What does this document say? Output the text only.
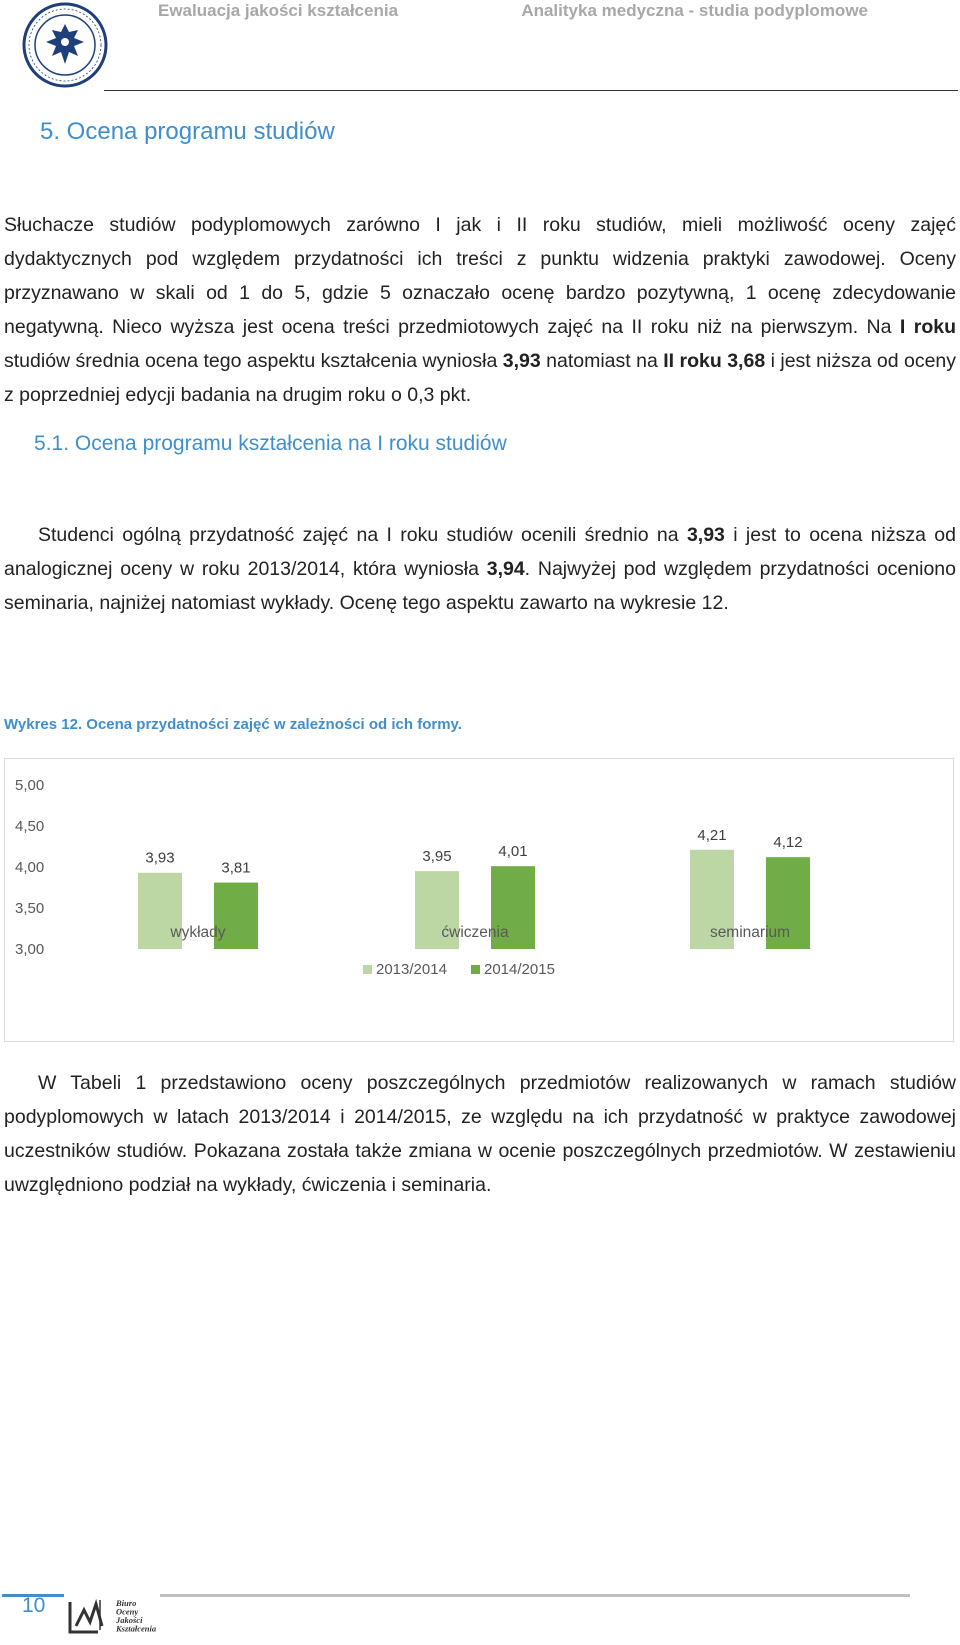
Ewaluacja jakości kształcenia	Analityka medyczna - studia podyplomowe
5. Ocena programu studiów

Słuchacze studiów podyplomowych zarówno I jak i II roku studiów, mieli możliwość oceny zajęć dydaktycznych pod względem przydatności ich treści z punktu widzenia praktyki zawodowej. Oceny przyznawano w skali od 1 do 5, gdzie 5 oznaczało ocenę bardzo pozytywną, 1 ocenę zdecydowanie negatywną. Nieco wyższa jest ocena treści przedmiotowych zajęć na II roku niż na pierwszym. Na I roku studiów średnia ocena tego aspektu kształcenia wyniosła 3,93 natomiast na II roku 3,68 i jest niższa od oceny z poprzedniej edycji badania na drugim roku o 0,3 pkt.

5.1. Ocena programu kształcenia na I roku studiów

Studenci ogólną przydatność zajęć na I roku studiów ocenili średnio na 3,93 i jest to ocena niższa od analogicznej oceny w roku 2013/2014, która wyniosła 3,94. Najwyżej pod względem przydatności oceniono seminaria, najniżej natomiast wykłady. Ocenę tego aspektu zawarto na wykresie 12.

Wykres 12. Ocena przydatności zajęć w zależności od ich formy.
3,00
3,50
4,00
4,50
5,00
3,93
3,81
wykłady
3,95	4,01
ćwiczenia
4,21	4,12
seminarium
2013/2014 2014/2015

W Tabeli 1 przedstawiono oceny poszczególnych przedmiotów realizowanych w ramach studiów podyplomowych w latach 2013/2014 i 2014/2015, ze względu na ich przydatność w praktyce zawodowej uczestników studiów. Pokazana została także zmiana w ocenie poszczególnych przedmiotów. W zestawieniu uwzględniono podział na wykłady, ćwiczenia i seminaria.

10	Biuro Oceny Jakości Kształcenia
